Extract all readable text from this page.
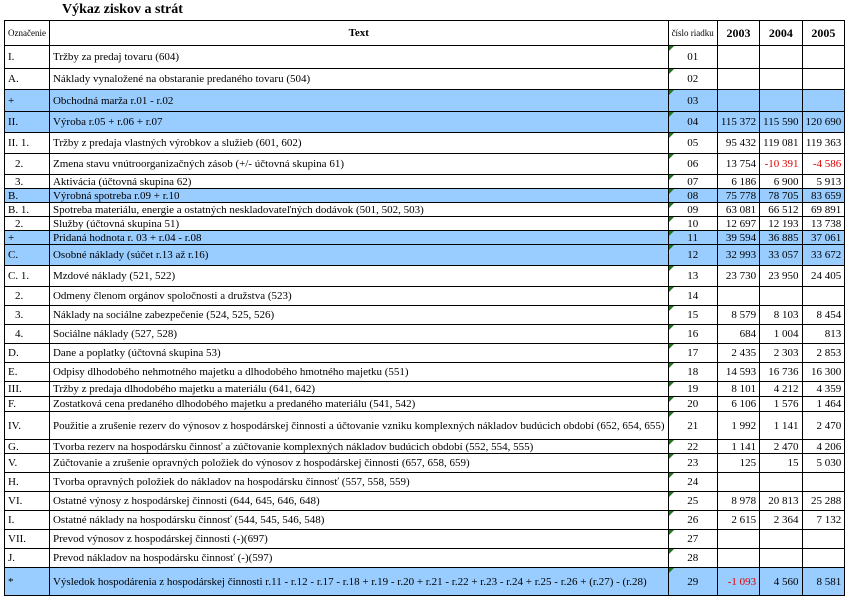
Výkaz ziskov a strát
Označenie	Text	číslo riadku	2003	2004	2005
I.	Tržby za predaj tovaru (604)	01			
A.	Náklady vynaložené na obstaranie predaného tovaru (504)	02			
+	Obchodná marža r.01 - r.02	03			
II.	Výroba r.05 + r.06 + r.07	04	115 372	115 590	120 690
II. 1.	Tržby z predaja vlastných výrobkov a služieb (601, 602)	05	95 432	119 081	119 363
2.	Zmena stavu vnútroorganizačných zásob (+/- účtovná skupina 61)	06	13 754	-10 391	-4 586
3.	Aktivácia (účtovná skupina 62)	07	6 186	6 900	5 913
B.	Výrobná spotreba r.09 + r.10	08	75 778	78 705	83 659
B. 1.	Spotreba materiálu, energie a ostatných neskladovateľných dodávok (501, 502, 503)	09	63 081	66 512	69 891
2.	Služby (účtovná skupina 51)	10	12 697	12 193	13 738
+	Pridaná hodnota r. 03 + r.04 - r.08	11	39 594	36 885	37 061
C.	Osobné náklady (súčet r.13 až r.16)	12	32 993	33 057	33 672
C. 1.	Mzdové náklady (521, 522)	13	23 730	23 950	24 405
2.	Odmeny členom orgánov spoločnosti a družstva (523)	14			
3.	Náklady na sociálne zabezpečenie (524, 525, 526)	15	8 579	8 103	8 454
4.	Sociálne náklady (527, 528)	16	684	1 004	813
D.	Dane a poplatky (účtovná skupina 53)	17	2 435	2 303	2 853
E.	Odpisy dlhodobého nehmotného majetku a dlhodobého hmotného majetku (551)	18	14 593	16 736	16 300
III.	Tržby z predaja dlhodobého majetku a materiálu (641, 642)	19	8 101	4 212	4 359
F.	Zostatková cena predaného dlhodobého majetku a predaného materiálu (541, 542)	20	6 106	1 576	1 464
IV.	Použitie a zrušenie rezerv do výnosov z hospodárskej činnosti a účtovanie vzniku komplexných nákladov budúcich období (652, 654, 655)	21	1 992	1 141	2 470
G.	Tvorba rezerv na hospodársku činnosť a zúčtovanie komplexných nákladov budúcich období (552, 554, 555)	22	1 141	2 470	4 206
V.	Zúčtovanie a zrušenie opravných položiek do výnosov z hospodárskej činnosti (657, 658, 659)	23	125	15	5 030
H.	Tvorba opravných položiek do nákladov na hospodársku činnosť (557, 558, 559)	24			
VI.	Ostatné výnosy z hospodárskej činnosti (644, 645, 646, 648)	25	8 978	20 813	25 288
I.	Ostatné náklady na hospodársku činnosť (544, 545, 546, 548)	26	2 615	2 364	7 132
VII.	Prevod výnosov z hospodárskej činnosti (-)(697)	27			
J.	Prevod nákladov na hospodársku činnosť (-)(597)	28			
*	Výsledok hospodárenia z hospodárskej činnosti r.11 - r.12 - r.17 - r.18 + r.19 - r.20 + r.21 - r.22 + r.23 - r.24 + r.25 - r.26 + (r.27) - (r.28)	29	-1 093	4 560	8 581
